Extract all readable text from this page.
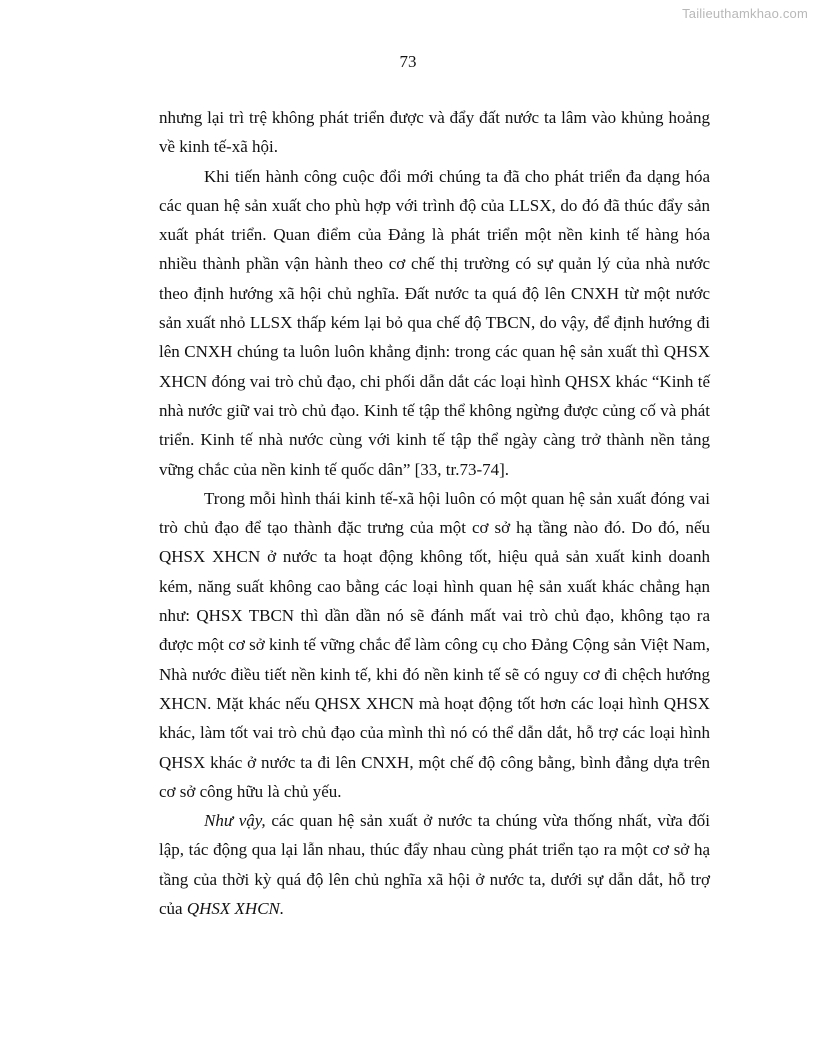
Tailieuthamkhao.com
73

nhưng lại trì trệ không phát triển được và đẩy đất nước ta lâm vào khủng hoảng về kinh tế-xã hội.

Khi tiến hành công cuộc đổi mới chúng ta đã cho phát triển đa dạng hóa các quan hệ sản xuất cho phù hợp với trình độ của LLSX, do đó đã thúc đẩy sản xuất phát triển. Quan điểm của Đảng là phát triển một nền kinh tế hàng hóa nhiều thành phần vận hành theo cơ chế thị trường có sự quản lý của nhà nước theo định hướng xã hội chủ nghĩa. Đất nước ta quá độ lên CNXH từ một nước sản xuất nhỏ LLSX thấp kém lại bỏ qua chế độ TBCN, do vậy, để định hướng đi lên CNXH chúng ta luôn luôn khẳng định: trong các quan hệ sản xuất thì QHSX XHCN đóng vai trò chủ đạo, chi phối dẫn dắt các loại hình QHSX khác “Kinh tế nhà nước giữ vai trò chủ đạo. Kinh tế tập thể không ngừng được củng cố và phát triển. Kinh tế nhà nước cùng với kinh tế tập thể ngày càng trở thành nền tảng vững chắc của nền kinh tế quốc dân” [33, tr.73-74].

Trong mỗi hình thái kinh tế-xã hội luôn có một quan hệ sản xuất đóng vai trò chủ đạo để tạo thành đặc trưng của một cơ sở hạ tầng nào đó. Do đó, nếu QHSX XHCN ở nước ta hoạt động không tốt, hiệu quả sản xuất kinh doanh kém, năng suất không cao bằng các loại hình quan hệ sản xuất khác chẳng hạn như: QHSX TBCN thì dần dần nó sẽ đánh mất vai trò chủ đạo, không tạo ra được một cơ sở kinh tế vững chắc để làm công cụ cho Đảng Cộng sản Việt Nam, Nhà nước điều tiết nền kinh tế, khi đó nền kinh tế sẽ có nguy cơ đi chệch hướng XHCN. Mặt khác nếu QHSX XHCN mà hoạt động tốt hơn các loại hình QHSX khác, làm tốt vai trò chủ đạo của mình thì nó có thể dẫn dắt, hỗ trợ các loại hình QHSX khác ở nước ta đi lên CNXH, một chế độ công bằng, bình đẳng dựa trên cơ sở công hữu là chủ yếu.

Như vậy, các quan hệ sản xuất ở nước ta chúng vừa thống nhất, vừa đối lập, tác động qua lại lẫn nhau, thúc đẩy nhau cùng phát triển tạo ra một cơ sở hạ tầng của thời kỳ quá độ lên chủ nghĩa xã hội ở nước ta, dưới sự dẫn dắt, hỗ trợ của QHSX XHCN.
